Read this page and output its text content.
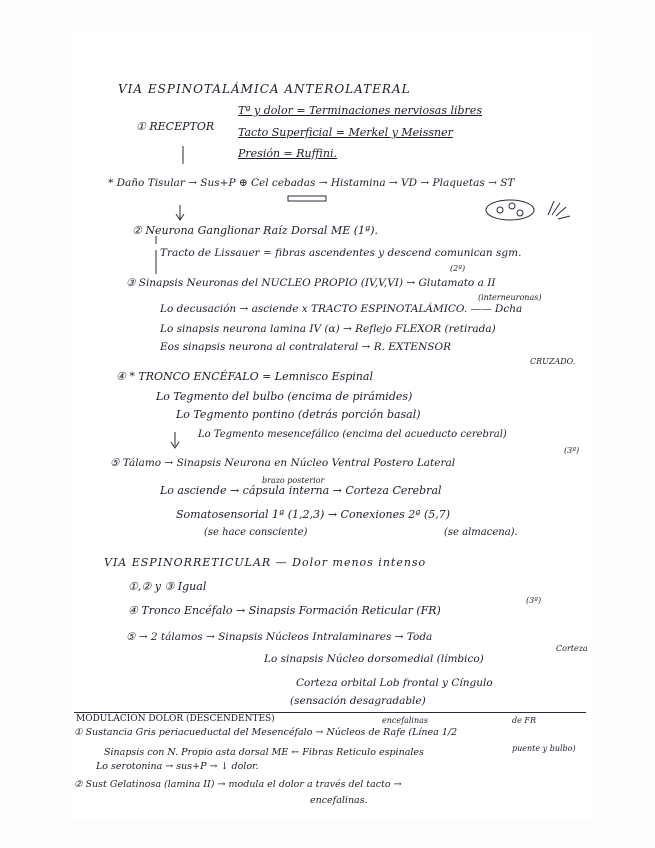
VIA ESPINOTALÁMICA ANTEROLATERAL
① RECEPTOR
Tª y dolor = Terminaciones nerviosas libres
Tacto Superficial = Merkel y Meissner
Presión = Ruffini.
* Daño Tisular → Sus+P ⊕ Cel cebadas → Histamina → VD → Plaquetas → ST
② Neurona Ganglionar Raíz Dorsal ME (1ª).
Tracto de Lissauer = fibras ascendentes y descend comunican sgm.
(2ª)
③ Sinapsis Neuronas del NUCLEO PROPIO (IV,V,VI) → Glutamato a II
(interneuronas)
Lo decusación → asciende x TRACTO ESPINOTALÁMICO. —— Dcha
Lo sinapsis neurona lamina IV (α) → Reflejo FLEXOR (retirada)
Eos sinapsis neurona al contralateral → R. EXTENSOR
CRUZADO.
④ * TRONCO ENCÉFALO = Lemnisco Espinal
Lo Tegmento del bulbo (encima de pirámides)
Lo Tegmento pontino (detrás porción basal)
Lo Tegmento mesencefálico (encima del acueducto cerebral)
(3ª)
⑤ Tálamo → Sinapsis Neurona en Núcleo Ventral Postero Lateral
brazo posterior
Lo asciende → cápsula interna → Corteza Cerebral
Somatosensorial 1ª (1,2,3) → Conexiones 2ª (5,7)
(se hace consciente)	(se almacena).
VIA ESPINORRETICULAR — Dolor menos intenso
①,② y ③ Igual
(3ª)
④ Tronco Encéfalo → Sinapsis Formación Reticular (FR)
⑤ → 2 tálamos → Sinapsis Núcleos Intralaminares → Toda
Corteza
Lo sinapsis Núcleo dorsomedial (límbico)
Corteza orbital Lob frontal y Cíngulo
(sensación desagradable)
MODULACIÓN DOLOR (DESCENDENTES)	encefalinas	de FR
① Sustancia Gris periacueductal del Mesencéfalo → Núcleos de Rafe (Línea 1/2
puente y bulbo)
Sinapsis con N. Propio asta dorsal ME ← Fibras Reticulo espinales
Lo serotonina → sus+P → ↓ dolor.
② Sust Gelatinosa (lamina II) → modula el dolor a través del tacto →
encefalinas.
